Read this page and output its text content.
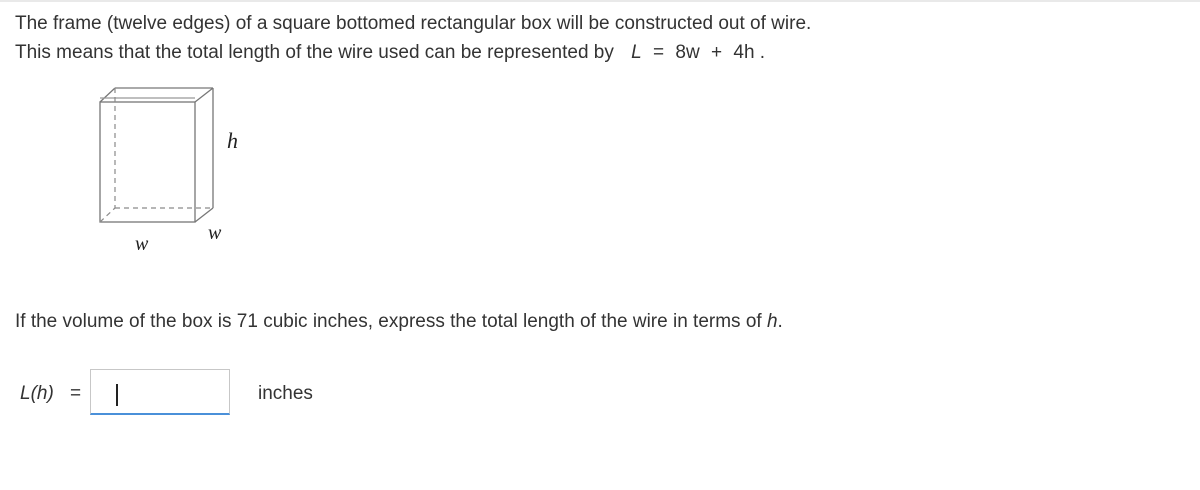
The frame (twelve edges) of a square bottomed rectangular box will be constructed out of wire.
This means that the total length of the wire used can be represented by L = 8w + 4h .
h
w
w
If the volume of the box is 71 cubic inches, express the total length of the wire in terms of h.
L(h) =	inches
